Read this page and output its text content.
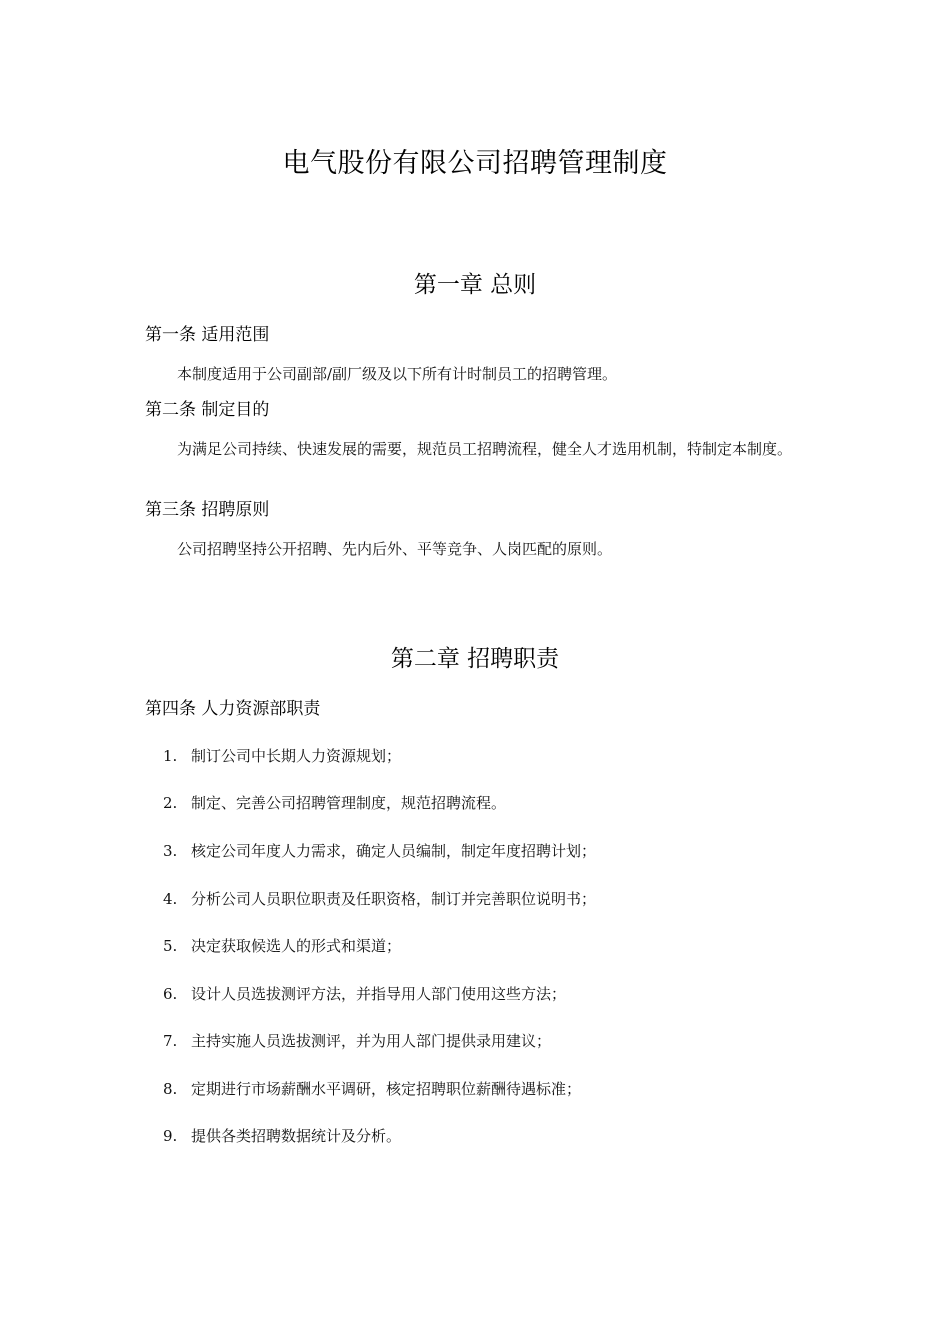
电气股份有限公司招聘管理制度
第一章 总则
第一条 适用范围
本制度适用于公司副部/副厂级及以下所有计时制员工的招聘管理。
第二条 制定目的
为满足公司持续、快速发展的需要，规范员工招聘流程，健全人才选用机制，特制定本制度。
第三条 招聘原则
公司招聘坚持公开招聘、先内后外、平等竞争、人岗匹配的原则。
第二章 招聘职责
第四条 人力资源部职责
1. 制订公司中长期人力资源规划；
2. 制定、完善公司招聘管理制度，规范招聘流程。
3. 核定公司年度人力需求，确定人员编制，制定年度招聘计划；
4. 分析公司人员职位职责及任职资格，制订并完善职位说明书；
5. 决定获取候选人的形式和渠道；
6. 设计人员选拔测评方法，并指导用人部门使用这些方法；
7. 主持实施人员选拔测评，并为用人部门提供录用建议；
8. 定期进行市场薪酬水平调研，核定招聘职位薪酬待遇标准；
9. 提供各类招聘数据统计及分析。
